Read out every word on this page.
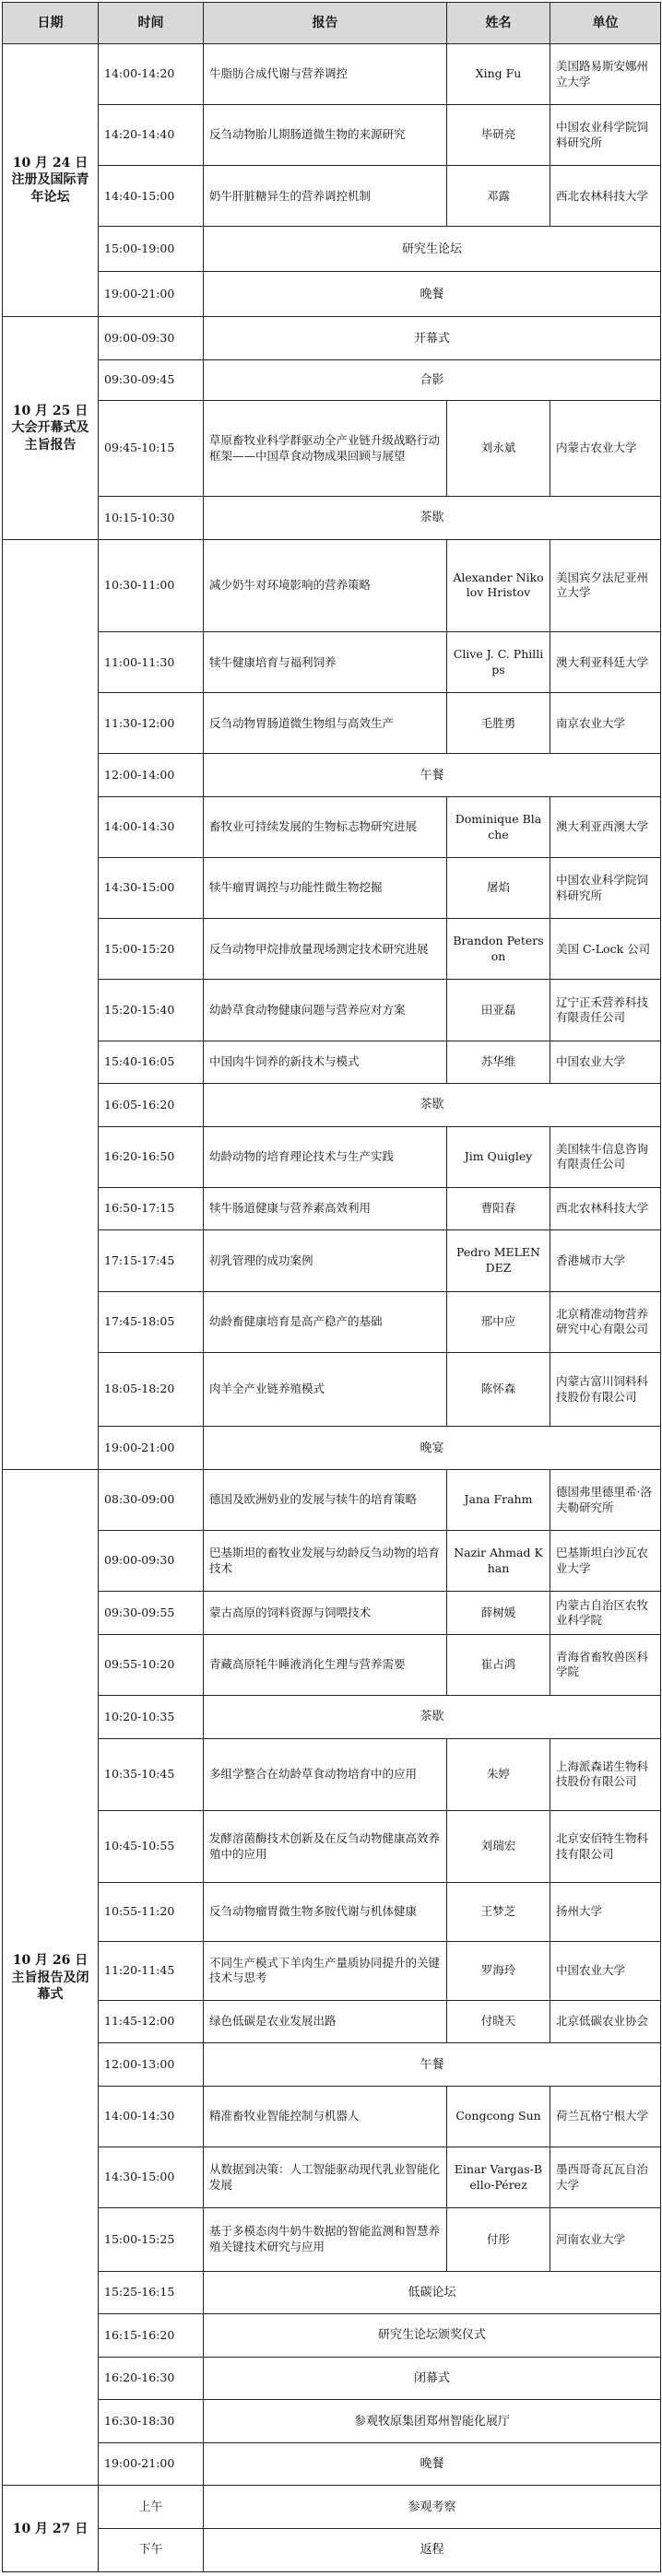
日期	时间	报告	姓名	单位
10 月 24 日注册及国际青年论坛	14:00-14:20	牛脂肪合成代谢与营养调控	Xing Fu	美国路易斯安娜州立大学
	14:20-14:40	反刍动物胎儿期肠道微生物的来源研究	毕研亮	中国农业科学院饲料研究所
	14:40-15:00	奶牛肝脏糖异生的营养调控机制	邓露	西北农林科技大学
	15:00-19:00	研究生论坛		
	19:00-21:00	晚餐		
10 月 25 日大会开幕式及主旨报告	09:00-09:30	开幕式		
	09:30-09:45	合影		
	09:45-10:15	草原畜牧业科学群驱动全产业链升级战略行动框架——中国草食动物成果回顾与展望	刘永斌	内蒙古农业大学
	10:15-10:30	茶歇		
	10:30-11:00	减少奶牛对环境影响的营养策略	Alexander Nikolov Hristov	美国宾夕法尼亚州立大学
	11:00-11:30	犊牛健康培育与福利饲养	Clive J. C. Phillips	澳大利亚科廷大学
	11:30-12:00	反刍动物胃肠道微生物组与高效生产	毛胜勇	南京农业大学
	12:00-14:00	午餐		
	14:00-14:30	畜牧业可持续发展的生物标志物研究进展	Dominique Blache	澳大利亚西澳大学
	14:30-15:00	犊牛瘤胃调控与功能性微生物挖掘	屠焰	中国农业科学院饲料研究所
	15:00-15:20	反刍动物甲烷排放量现场测定技术研究进展	Brandon Peterson	美国 C-Lock 公司
	15:20-15:40	幼龄草食动物健康问题与营养应对方案	田亚磊	辽宁正禾营养科技有限责任公司
	15:40-16:05	中国肉牛饲养的新技术与模式	苏华维	中国农业大学
	16:05-16:20	茶歇		
	16:20-16:50	幼龄动物的培育理论技术与生产实践	Jim Quigley	美国犊牛信息咨询有限责任公司
	16:50-17:15	犊牛肠道健康与营养素高效利用	曹阳春	西北农林科技大学
	17:15-17:45	初乳管理的成功案例	Pedro MELENDEZ	香港城市大学
	17:45-18:05	幼龄畜健康培育是高产稳产的基础	邢中应	北京精准动物营养研究中心有限公司
	18:05-18:20	肉羊全产业链养殖模式	陈怀森	内蒙古富川饲料科技股份有限公司
	19:00-21:00	晚宴		
10 月 26 日主旨报告及闭幕式	08:30-09:00	德国及欧洲奶业的发展与犊牛的培育策略	Jana Frahm	德国弗里德里希·洛夫勒研究所
	09:00-09:30	巴基斯坦的畜牧业发展与幼龄反刍动物的培育技术	Nazir Ahmad Khan	巴基斯坦白沙瓦农业大学
	09:30-09:55	蒙古高原的饲料资源与饲喂技术	薛树媛	内蒙古自治区农牧业科学院
	09:55-10:20	青藏高原牦牛睡液消化生理与营养需要	崔占鸿	青海省畜牧兽医科学院
	10:20-10:35	茶歇		
	10:35-10:45	多组学整合在幼龄草食动物培育中的应用	朱婷	上海派森诺生物科技股份有限公司
	10:45-10:55	发酵溶菌酶技术创新及在反刍动物健康高效养殖中的应用	刘瑞宏	北京安佰特生物科技有限公司
	10:55-11:20	反刍动物瘤胃微生物多胺代谢与机体健康	王梦芝	扬州大学
	11:20-11:45	不同生产模式下羊肉生产量质协同提升的关键技术与思考	罗海玲	中国农业大学
	11:45-12:00	绿色低碳是农业发展出路	付晓天	北京低碳农业协会
	12:00-13:00	午餐		
	14:00-14:30	精准畜牧业智能控制与机器人	Congcong Sun	荷兰瓦格宁根大学
	14:30-15:00	从数据到决策：人工智能驱动现代乳业智能化发展	Einar Vargas-Bello-Pérez	墨西哥奇瓦瓦自治大学
	15:00-15:25	基于多模态肉牛奶牛数据的智能监测和智慧养殖关键技术研究与应用	付彤	河南农业大学
	15:25-16:15	低碳论坛		
	16:15-16:20	研究生论坛颁奖仪式		
	16:20-16:30	闭幕式		
	16:30-18:30	参观牧原集团郑州智能化展厅		
	19:00-21:00	晚餐		
10 月 27 日	上午	参观考察		
	下午	返程		
